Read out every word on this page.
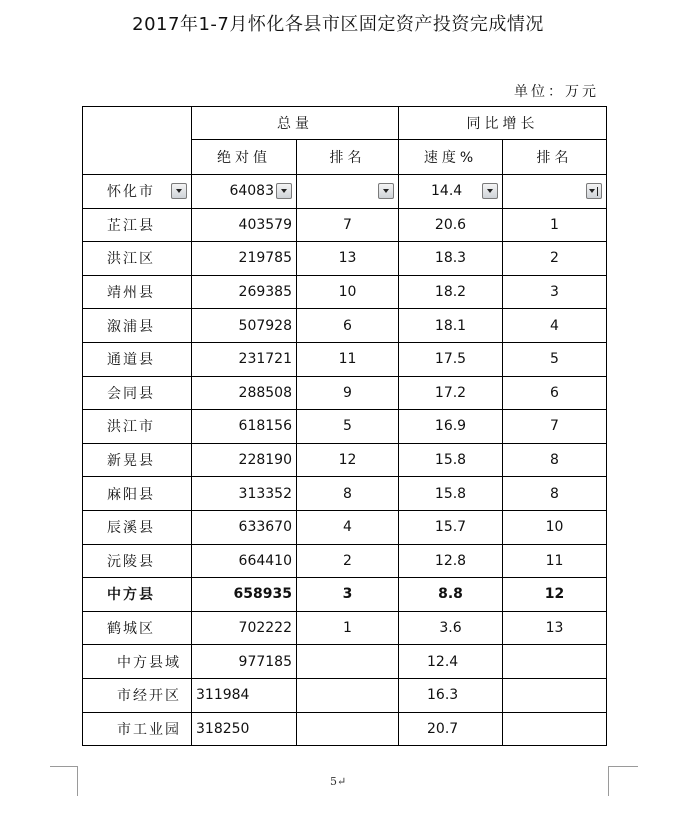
2017年1-7月怀化各县市区固定资产投资完成情况
单位：万元
	总量		同比增长	
	绝对值	排名	速度%	排名

怀化市	64083		14.4	

芷江县	403579	7	20.6	1
洪江区	219785	13	18.3	2
靖州县	269385	10	18.2	3
溆浦县	507928	6	18.1	4
通道县	231721	11	17.5	5
会同县	288508	9	17.2	6
洪江市	618156	5	16.9	7
新晃县	228190	12	15.8	8
麻阳县	313352	8	15.8	8
辰溪县	633670	4	15.7	10
沅陵县	664410	2	12.8	11
中方县	658935	3	8.8	12
鹤城区	702222	1	3.6	13
中方县域	977185		12.4	
市经开区	311984		16.3	
市工业园	318250		20.7	
5↵
